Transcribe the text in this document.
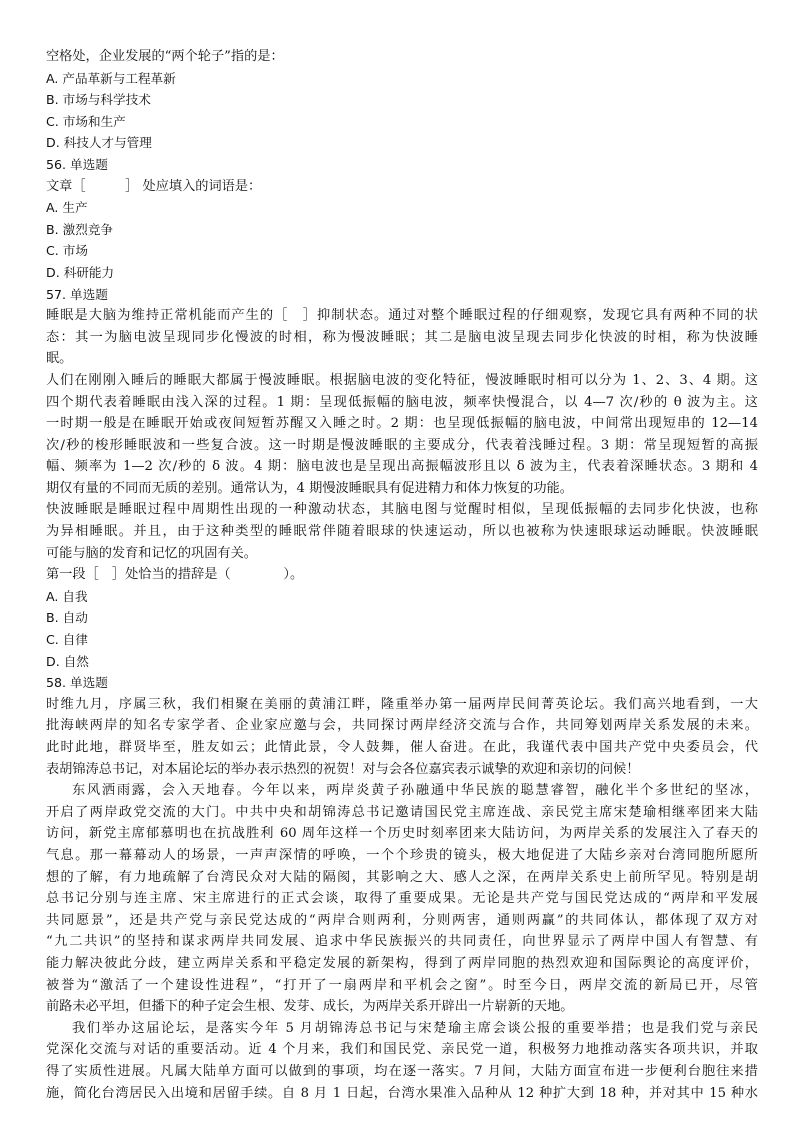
空格处，企业发展的“两个轮子”指的是：
A. 产品革新与工程革新
B. 市场与科学技术
C. 市场和生产
D. 科技人才与管理
56. 单选题
文章［　　　］ 处应填入的词语是：
A. 生产
B. 激烈竞争
C. 市场
D. 科研能力
57. 单选题
睡眠是大脑为维持正常机能而产生的［　］抑制状态。通过对整个睡眠过程的仔细观察，发现它具有两种不同的状
态：其一为脑电波呈现同步化慢波的时相，称为慢波睡眠；其二是脑电波呈现去同步化快波的时相，称为快波睡
眠。
人们在刚刚入睡后的睡眠大都属于慢波睡眠。根据脑电波的变化特征，慢波睡眠时相可以分为 1、2、3、4 期。这
四个期代表着睡眠由浅入深的过程。1 期：呈现低振幅的脑电波，频率快慢混合，以 4—7 次/秒的 θ 波为主。这
一时期一般是在睡眠开始或夜间短暂苏醒又入睡之时。2 期：也呈现低振幅的脑电波，中间常出现短串的 12—14
次/秒的梭形睡眠波和一些复合波。这一时期是慢波睡眠的主要成分，代表着浅睡过程。3 期：常呈现短暂的高振
幅、频率为 1—2 次/秒的 δ 波。4 期：脑电波也是呈现出高振幅波形且以 δ 波为主，代表着深睡状态。3 期和 4
期仅有量的不同而无质的差别。通常认为，4 期慢波睡眠具有促进精力和体力恢复的功能。
快波睡眠是睡眠过程中周期性出现的一种激动状态，其脑电图与觉醒时相似，呈现低振幅的去同步化快波，也称
为异相睡眠。并且，由于这种类型的睡眠常伴随着眼球的快速运动，所以也被称为快速眼球运动睡眠。快波睡眠
可能与脑的发育和记忆的巩固有关。
第一段［　］处恰当的措辞是（　　　　）。
A. 自我
B. 自动
C. 自律
D. 自然
58. 单选题
时维九月，序属三秋，我们相聚在美丽的黄浦江畔，隆重举办第一届两岸民间菁英论坛。我们高兴地看到，一大
批海峡两岸的知名专家学者、企业家应邀与会，共同探讨两岸经济交流与合作，共同筹划两岸关系发展的未来。
此时此地，群贤毕至，胜友如云；此情此景，令人鼓舞，催人奋进。在此，我谨代表中国共产党中央委员会，代
表胡锦涛总书记，对本届论坛的举办表示热烈的祝贺！对与会各位嘉宾表示诚挚的欢迎和亲切的问候！
东风洒雨露，会入天地春。今年以来，两岸炎黄子孙融通中华民族的聪慧睿智，融化半个多世纪的坚冰，
开启了两岸政党交流的大门。中共中央和胡锦涛总书记邀请国民党主席连战、亲民党主席宋楚瑜相继率团来大陆
访问，新党主席郁慕明也在抗战胜利 60 周年这样一个历史时刻率团来大陆访问，为两岸关系的发展注入了春天的
气息。那一幕幕动人的场景，一声声深情的呼唤，一个个珍贵的镜头，极大地促进了大陆乡亲对台湾同胞所愿所
想的了解，有力地疏解了台湾民众对大陆的隔阂，其影响之大、感人之深，在两岸关系史上前所罕见。特别是胡
总书记分别与连主席、宋主席进行的正式会谈，取得了重要成果。无论是共产党与国民党达成的“两岸和平发展
共同愿景”，还是共产党与亲民党达成的“两岸合则两利，分则两害，通则两赢”的共同体认，都体现了双方对
“九二共识”的坚持和谋求两岸共同发展、追求中华民族振兴的共同责任，向世界显示了两岸中国人有智慧、有
能力解决彼此分歧，建立两岸关系和平稳定发展的新架构，得到了两岸同胞的热烈欢迎和国际舆论的高度评价，
被誉为“激活了一个建设性进程”，“打开了一扇两岸和平机会之窗”。时至今日，两岸交流的新局已开，尽管
前路未必平坦，但播下的种子定会生根、发芽、成长，为两岸关系开辟出一片崭新的天地。
我们举办这届论坛，是落实今年 5 月胡锦涛总书记与宋楚瑜主席会谈公报的重要举措；也是我们党与亲民
党深化交流与对话的重要活动。近 4 个月来，我们和国民党、亲民党一道，积极努力地推动落实各项共识，并取
得了实质性进展。凡属大陆单方面可以做到的事项，均在逐一落实。7 月间，大陆方面宣布进一步便利台胞往来措
施，简化台湾居民入出境和居留手续。自 8 月 1 日起，台湾水果准入品种从 12 种扩大到 18 种，并对其中 15 种水
